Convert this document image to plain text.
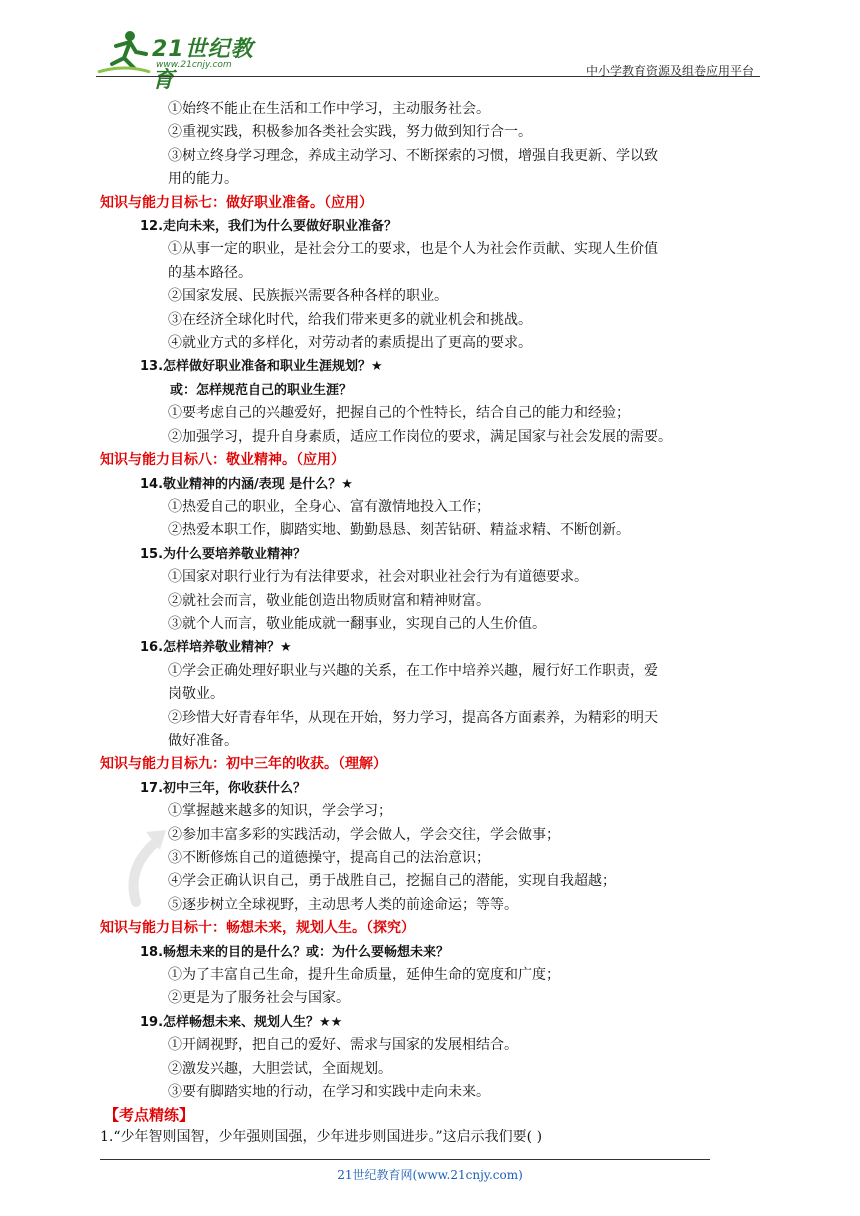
21世纪教育
www.21cnjy.com	中小学教育资源及组卷应用平台
①始终不能止在生活和工作中学习，主动服务社会。
②重视实践，积极参加各类社会实践，努力做到知行合一。
③树立终身学习理念，养成主动学习、不断探索的习惯，增强自我更新、学以致
用的能力。
知识与能力目标七：做好职业准备。（应用）
12.走向未来，我们为什么要做好职业准备？
①从事一定的职业，是社会分工的要求，也是个人为社会作贡献、实现人生价值
的基本路径。
②国家发展、民族振兴需要各种各样的职业。
③在经济全球化时代，给我们带来更多的就业机会和挑战。
④就业方式的多样化，对劳动者的素质提出了更高的要求。
13.怎样做好职业准备和职业生涯规划？★
或：怎样规范自己的职业生涯？
①要考虑自己的兴趣爱好，把握自己的个性特长，结合自己的能力和经验；
②加强学习，提升自身素质，适应工作岗位的要求，满足国家与社会发展的需要。
知识与能力目标八：敬业精神。（应用）
14.敬业精神的内涵/表现 是什么？★
①热爱自己的职业，全身心、富有激情地投入工作；
②热爱本职工作，脚踏实地、勤勤恳恳、刻苦钻研、精益求精、不断创新。
15.为什么要培养敬业精神？
①国家对职行业行为有法律要求，社会对职业社会行为有道德要求。
②就社会而言，敬业能创造出物质财富和精神财富。
③就个人而言，敬业能成就一翻事业，实现自己的人生价值。
16.怎样培养敬业精神？★
①学会正确处理好职业与兴趣的关系，在工作中培养兴趣，履行好工作职责，爱
岗敬业。
②珍惜大好青春年华，从现在开始，努力学习，提高各方面素养，为精彩的明天
做好准备。
知识与能力目标九：初中三年的收获。（理解）
17.初中三年，你收获什么？
①掌握越来越多的知识，学会学习；
②参加丰富多彩的实践活动，学会做人，学会交往，学会做事；
③不断修炼自己的道德操守，提高自己的法治意识；
④学会正确认识自己，勇于战胜自己，挖掘自己的潜能，实现自我超越；
⑤逐步树立全球视野，主动思考人类的前途命运；等等。
知识与能力目标十：畅想未来，规划人生。（探究）
18.畅想未来的目的是什么？或：为什么要畅想未来？
①为了丰富自己生命，提升生命质量，延伸生命的宽度和广度；
②更是为了服务社会与国家。
19.怎样畅想未来、规划人生？★★
①开阔视野，把自己的爱好、需求与国家的发展相结合。
②激发兴趣，大胆尝试，全面规划。
③要有脚踏实地的行动，在学习和实践中走向未来。
【考点精练】
1.“少年智则国智，少年强则国强，少年进步则国进步。”这启示我们要( )
21世纪教育网(www.21cnjy.com)
